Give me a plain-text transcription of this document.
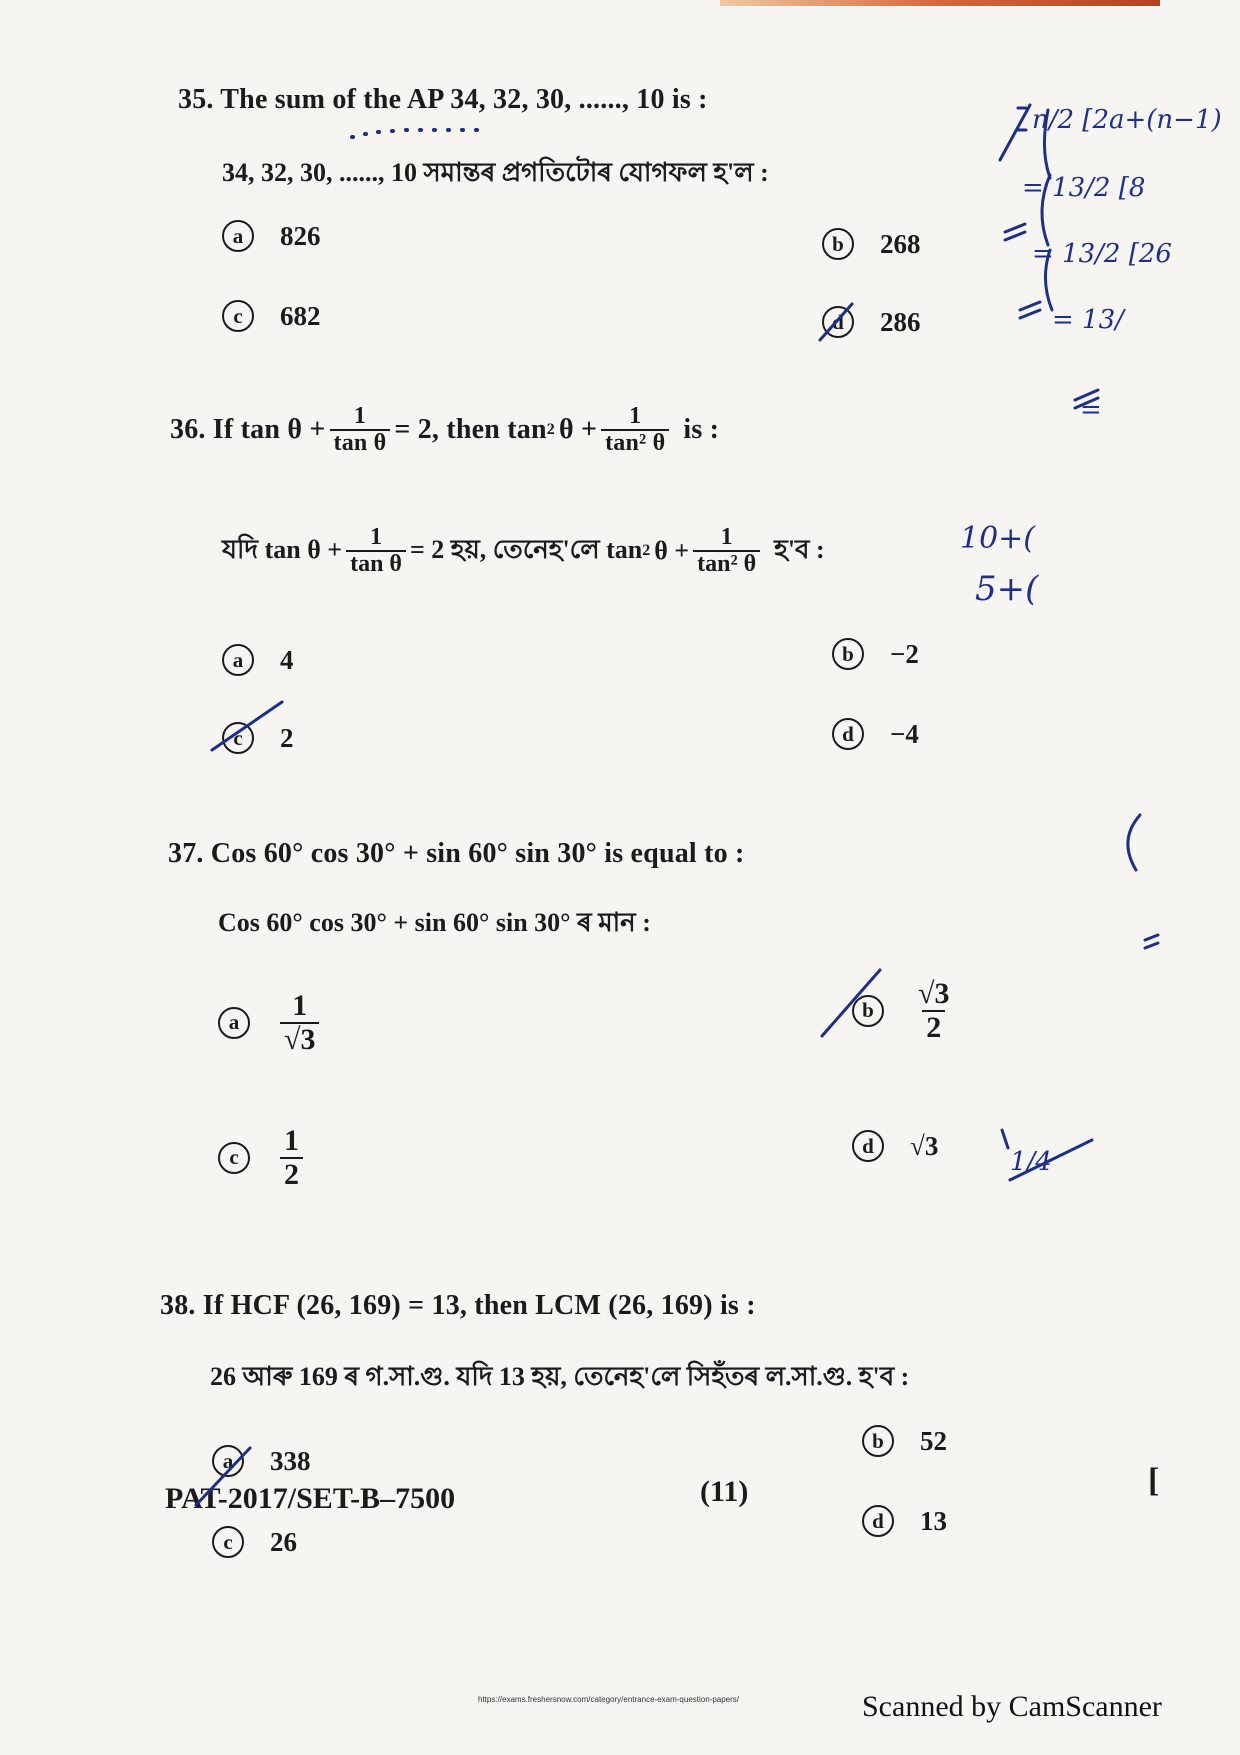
35. The sum of the AP 34, 32, 30, ......, 10 is :
34, 32, 30, ......, 10 সমান্তৰ প্ৰগতিটোৰ যোগফল হ'ল :
a	826	b	268
c	682	d	286
36. If $\tan \theta + \frac{1}{\text{tan θ}} = 2$, then tan 2 $\theta + \frac{1}{\text{tan² θ}}$ is :
যদি $\tan \theta + \frac{1}{\text{tan θ}} = 2$ হয়, তেনেহ'লে tan 2 $\theta + \frac{1}{\text{tan² θ}}$ হ'ব :
a	4	b	−2
c	2	d	−4
37. Cos 60° cos 30° + sin 60° sin 30° is equal to :
Cos 60° cos 30° + sin 60° sin 30° ৰ মান :
a	$\frac{1}{√3}$	b	$\frac{√3}{2}$
c	$\frac{1}{2}$	d	√3
38. If HCF (26, 169) = 13, then LCM (26, 169) is :
26 আৰু 169 ৰ গ.সা.গু. যদি 13 হয়, তেনেহ'লে সিহঁতৰ ল.সা.গু. হ'ব :
a	338
b	52
c	26
d	13
PAT-2017/SET-B–7500	(11)	[
https://exams.freshersnow.com/category/entrance-exam-question-papers/	Scanned by CamScanner
n/2 [2a+(n−1)
= 13/2 [8
= 13/2 [26
= 13/
=
10+(
5+(
1/4
